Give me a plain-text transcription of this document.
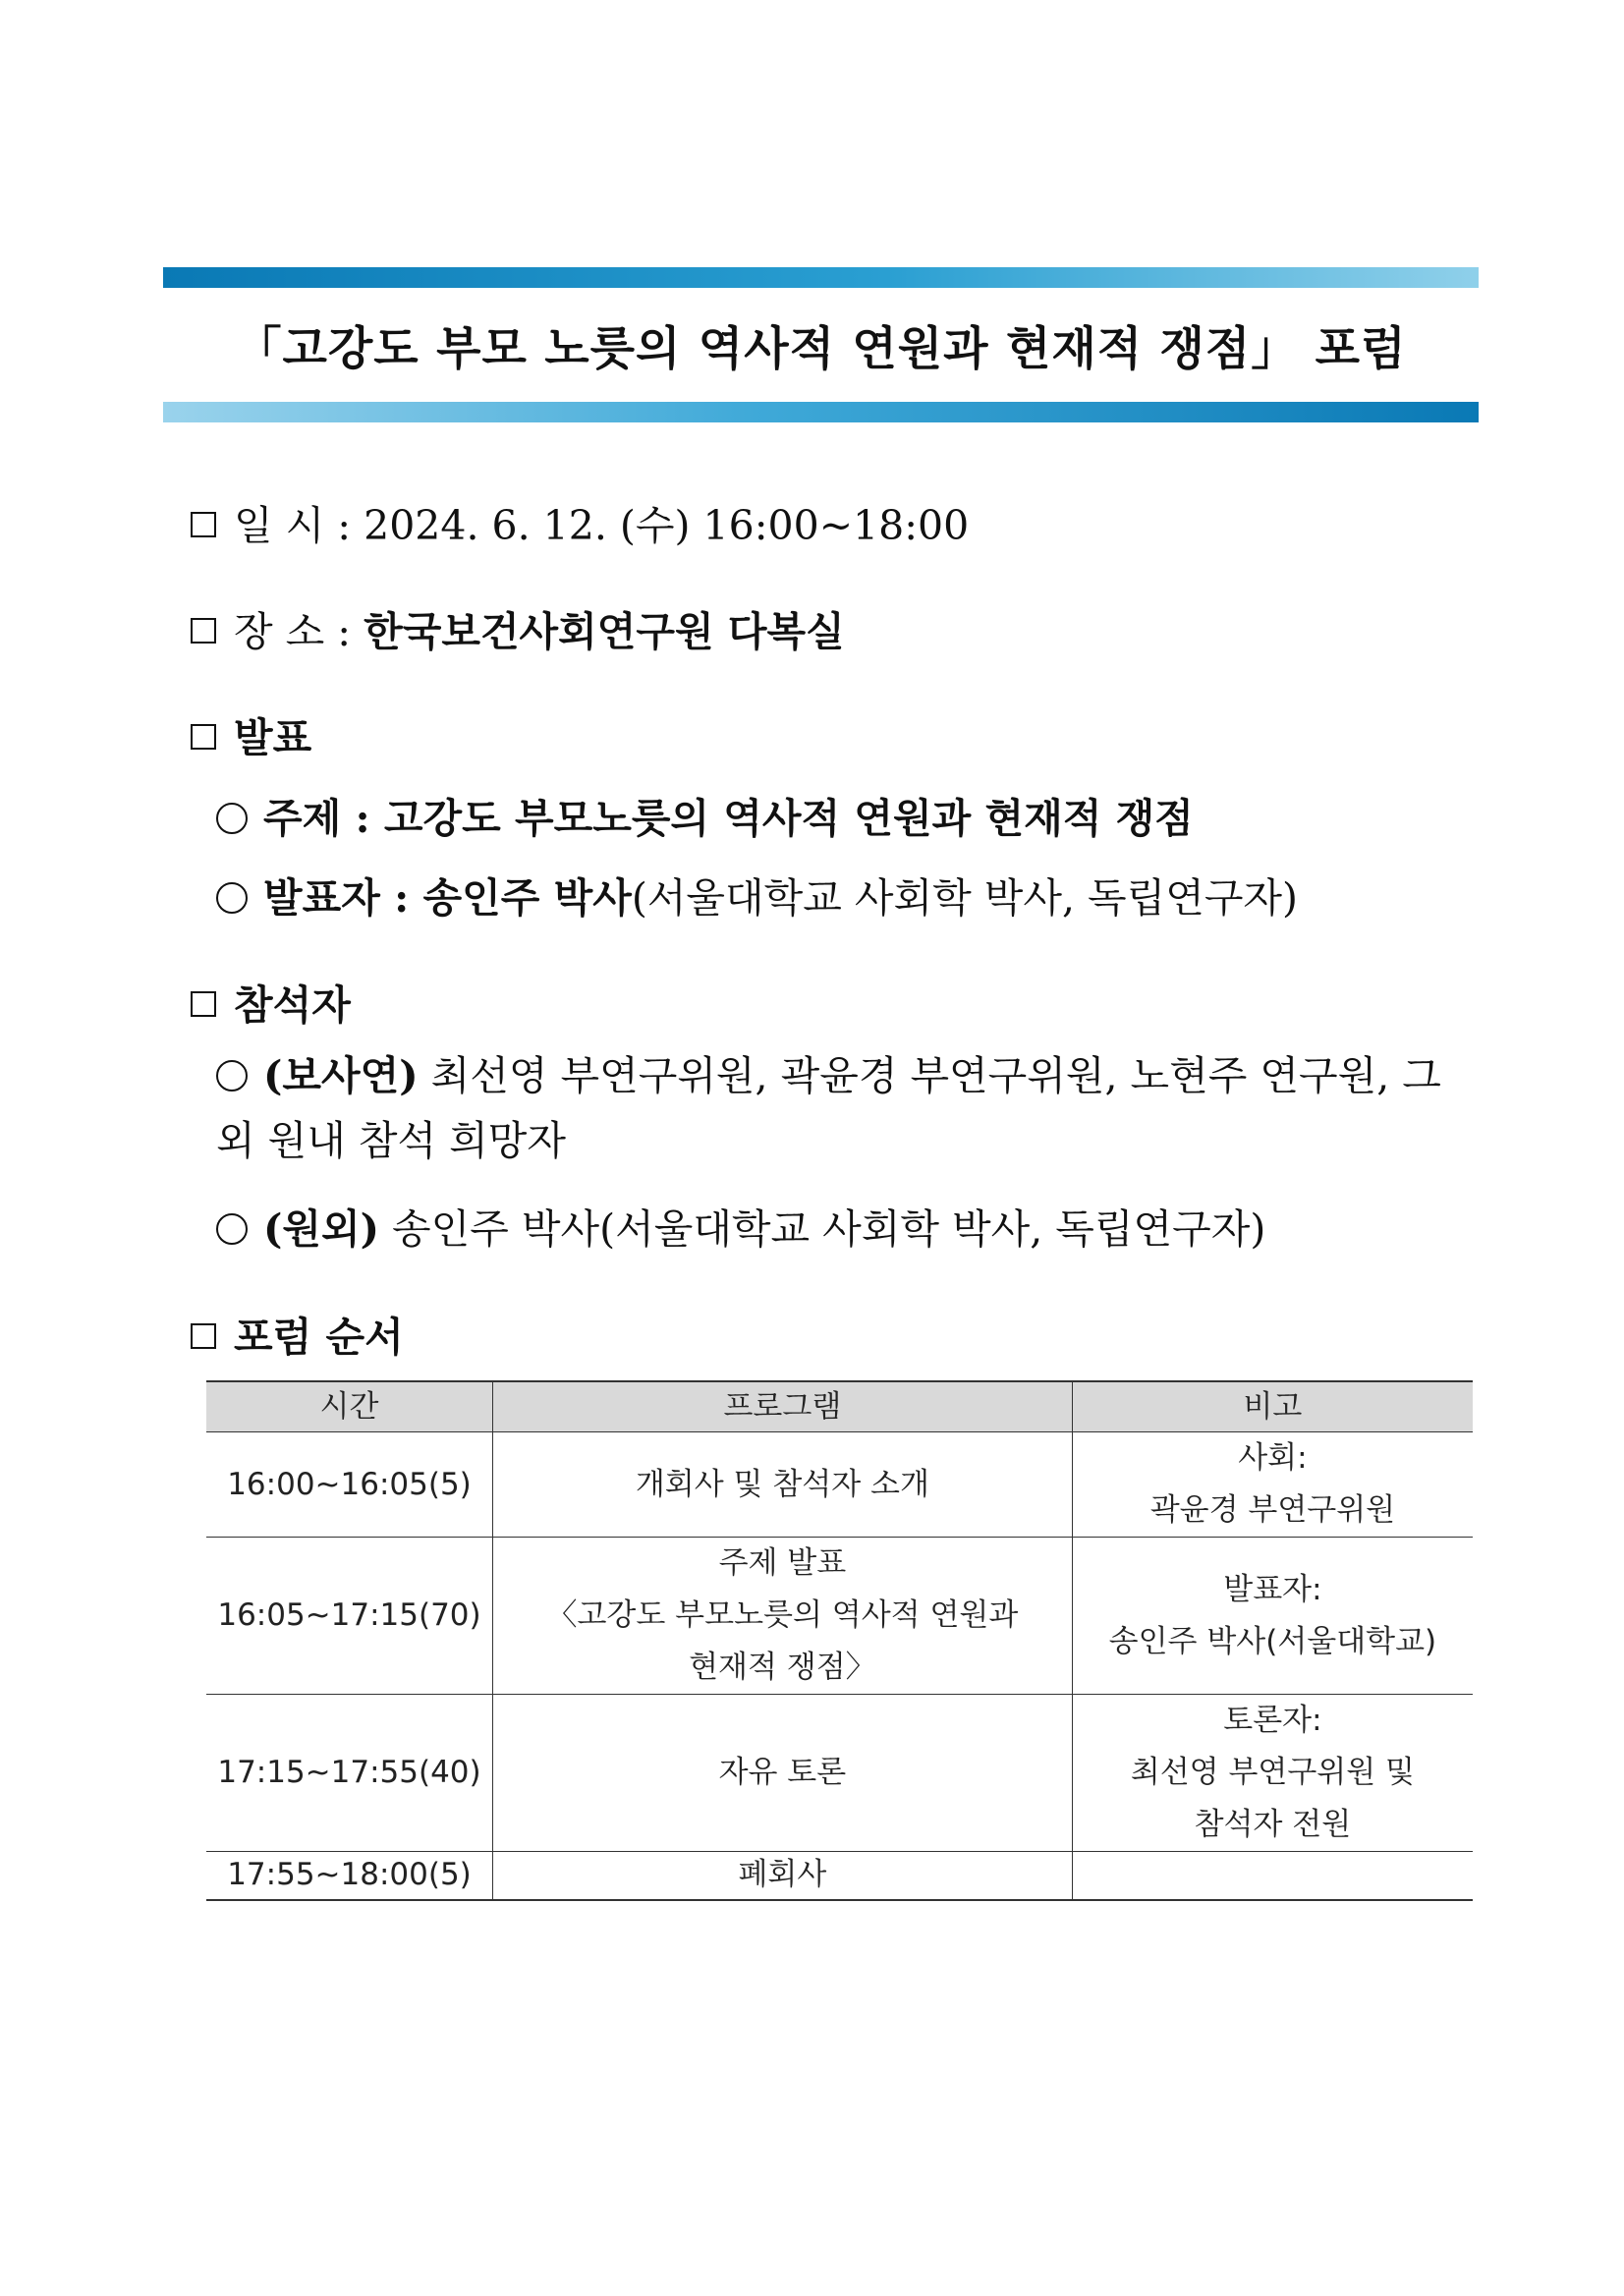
「고강도 부모 노릇의 역사적 연원과 현재적 쟁점」 포럼
일 시 : 2024. 6. 12. (수) 16:00~18:00
장 소 : 한국보건사회연구원 다복실
발표
주제 : 고강도 부모노릇의 역사적 연원과 현재적 쟁점
발표자 : 송인주 박사(서울대학교 사회학 박사, 독립연구자)
참석자
(보사연) 최선영 부연구위원, 곽윤경 부연구위원, 노현주 연구원, 그 외 원내 참석 희망자
(원외) 송인주 박사(서울대학교 사회학 박사, 독립연구자)
포럼 순서
시간	프로그램	비고
16:00~16:05(5)	개회사 및 참석자 소개	사회:
곽윤경 부연구위원

16:05~17:15(70)	주제 발표
〈고강도 부모노릇의 역사적 연원과
현재적 쟁점〉	발표자:
송인주 박사(서울대학교)

17:15~17:55(40)	자유 토론	토론자:
최선영 부연구위원 및
참석자 전원

17:55~18:00(5)	폐회사	
